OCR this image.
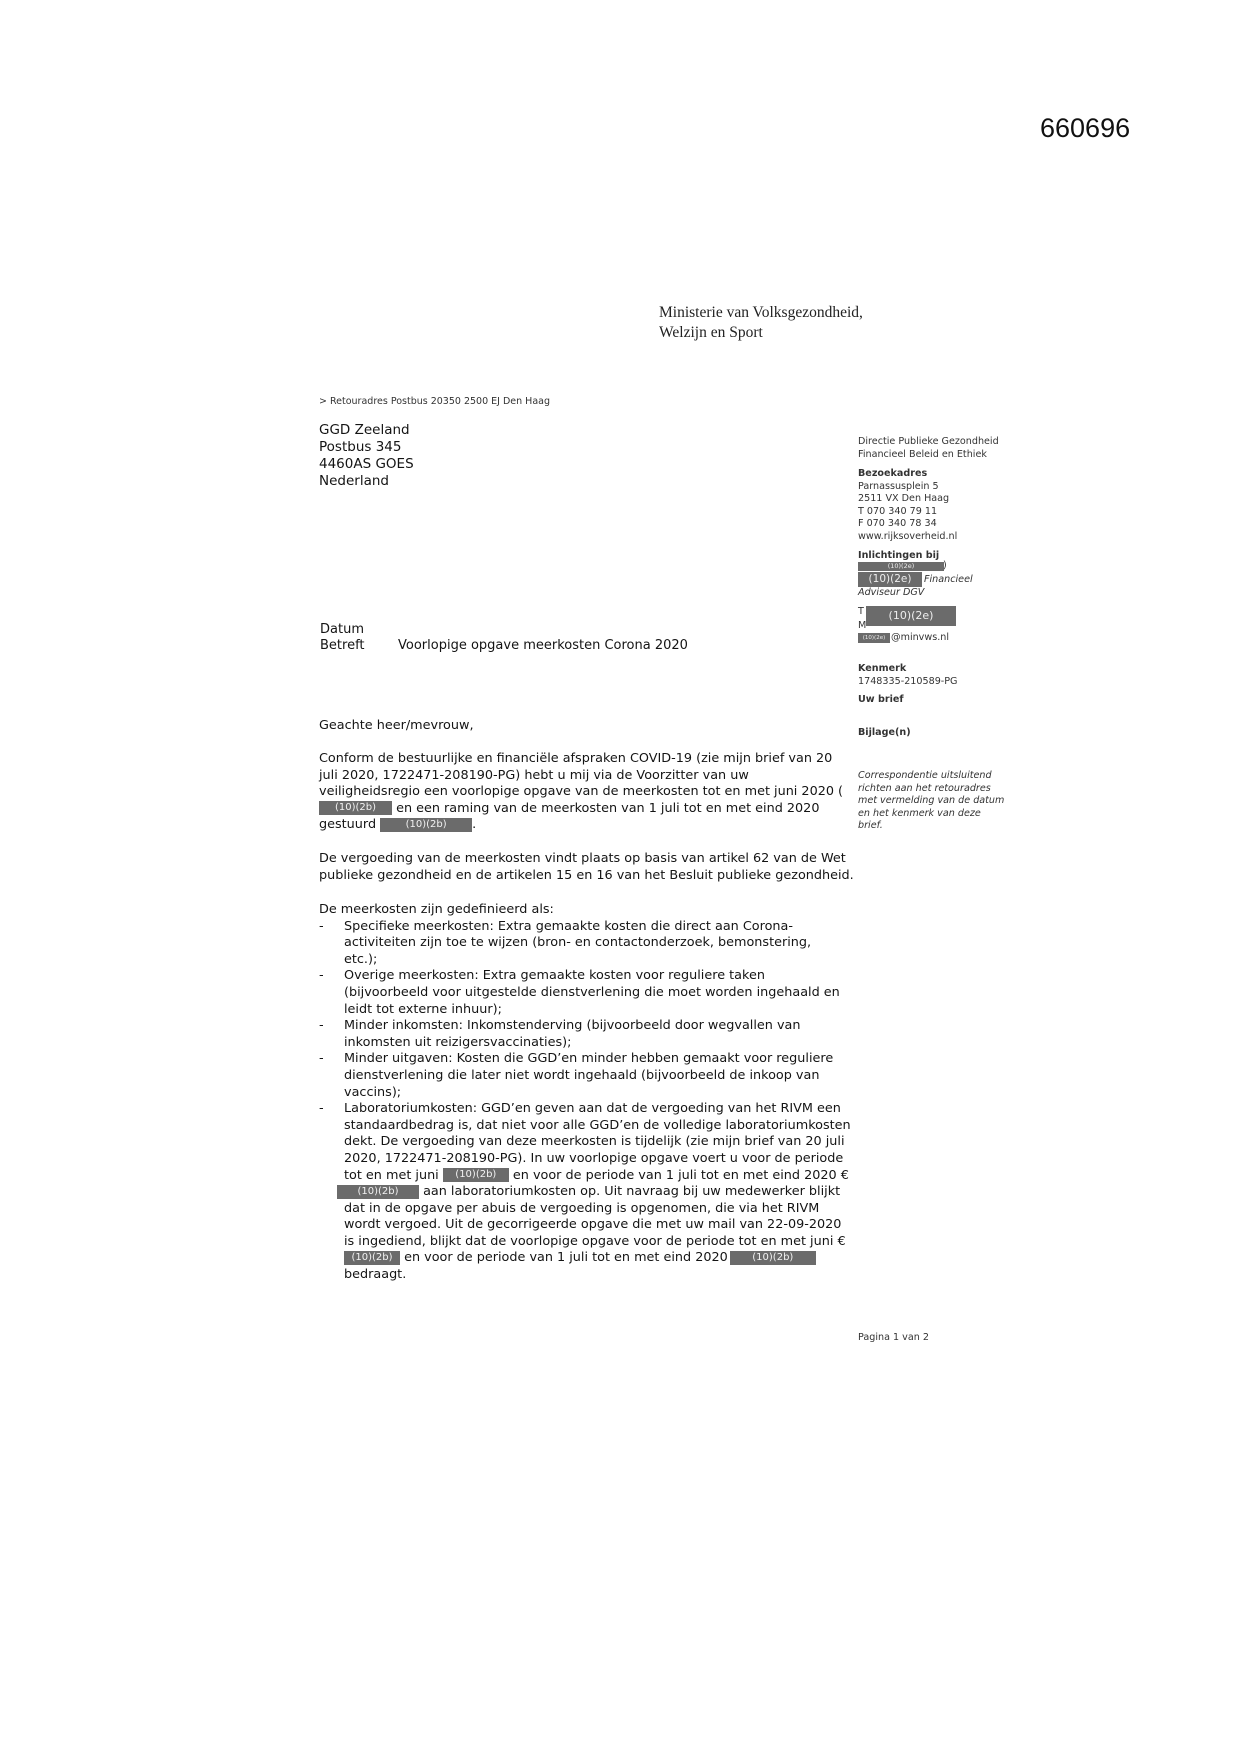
660696
Ministerie van Volksgezondheid,
Welzijn en Sport
> Retouradres Postbus 20350 2500 EJ Den Haag
GGD Zeeland
Postbus 345
4460AS GOES
Nederland
Directie Publieke Gezondheid
Financieel Beleid en Ethiek
Bezoekadres
Parnassusplein 5
2511 VX Den Haag
T 070 340 79 11
F 070 340 78 34
www.rijksoverheid.nl
Inlichtingen bij
(10)(2e)	)
(10)(2e)	Financieel
Adviseur DGV
T	(10)(2e)
M
(10)(2e) @minvws.nl
Kenmerk
1748335-210589-PG
Uw brief
Bijlage(n)
Correspondentie uitsluitend
richten aan het retouradres
met vermelding van de datum
en het kenmerk van deze
brief.
Datum
Betreft	Voorlopige opgave meerkosten Corona 2020
Geachte heer/mevrouw,
Conform de bestuurlijke en financiële afspraken COVID-19 (zie mijn brief van 20
juli 2020, 1722471-208190-PG) hebt u mij via de Voorzitter van uw
veiligheidsregio een voorlopige opgave van de meerkosten tot en met juni 2020 (
(10)(2b) en een raming van de meerkosten van 1 juli tot en met eind 2020
gestuurd	(10)(2b) .
De vergoeding van de meerkosten vindt plaats op basis van artikel 62 van de Wet
publieke gezondheid en de artikelen 15 en 16 van het Besluit publieke gezondheid.
De meerkosten zijn gedefinieerd als:
- Specifieke meerkosten: Extra gemaakte kosten die direct aan Corona-
activiteiten zijn toe te wijzen (bron- en contactonderzoek, bemonstering,
etc.);
- Overige meerkosten: Extra gemaakte kosten voor reguliere taken
(bijvoorbeeld voor uitgestelde dienstverlening die moet worden ingehaald en
leidt tot externe inhuur);
- Minder inkomsten: Inkomstenderving (bijvoorbeeld door wegvallen van
inkomsten uit reizigersvaccinaties);
- Minder uitgaven: Kosten die GGD’en minder hebben gemaakt voor reguliere
dienstverlening die later niet wordt ingehaald (bijvoorbeeld de inkoop van
vaccins);
- Laboratoriumkosten: GGD’en geven aan dat de vergoeding van het RIVM een
standaardbedrag is, dat niet voor alle GGD’en de volledige laboratoriumkosten
dekt. De vergoeding van deze meerkosten is tijdelijk (zie mijn brief van 20 juli
2020, 1722471-208190-PG). In uw voorlopige opgave voert u voor de periode
tot en met juni (10)(2b) en voor de periode van 1 juli tot en met eind 2020 €
(10)(2b) aan laboratoriumkosten op. Uit navraag bij uw medewerker blijkt
dat in de opgave per abuis de vergoeding is opgenomen, die via het RIVM
wordt vergoed. Uit de gecorrigeerde opgave die met uw mail van 22-09-2020
is ingediend, blijkt dat de voorlopige opgave voor de periode tot en met juni €
(10)(2b) en voor de periode van 1 juli tot en met eind 2020 (10)(2b)
bedraagt.
Pagina 1 van 2
